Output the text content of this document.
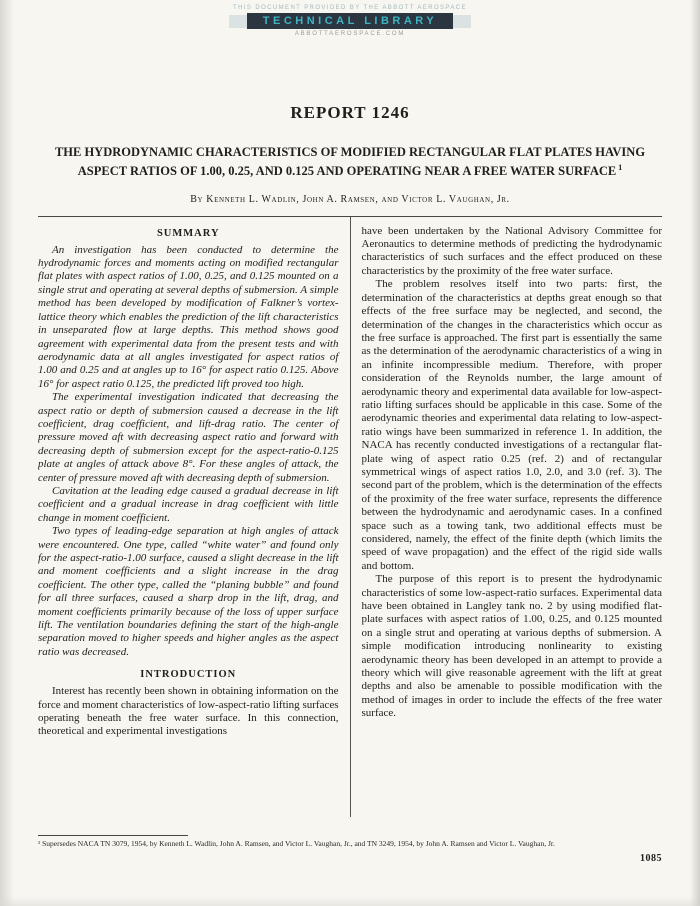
THIS DOCUMENT PROVIDED BY THE ABBOTT AEROSPACE
TECHNICAL LIBRARY
ABBOTTAEROSPACE.COM
REPORT 1246
THE HYDRODYNAMIC CHARACTERISTICS OF MODIFIED RECTANGULAR FLAT PLATES HAVING ASPECT RATIOS OF 1.00, 0.25, AND 0.125 AND OPERATING NEAR A FREE WATER SURFACE $^1$
By Kenneth L. Wadlin, John A. Ramsen, and Victor L. Vaughan, Jr.
SUMMARY

An investigation has been conducted to determine the hydrodynamic forces and moments acting on modified rectangular flat plates with aspect ratios of 1.00, 0.25, and 0.125 mounted on a single strut and operating at several depths of submersion. A simple method has been developed by modification of Falkner’s vortex-lattice theory which enables the prediction of the lift characteristics in unseparated flow at large depths. This method shows good agreement with experimental data from the present tests and with aerodynamic data at all angles investigated for aspect ratios of 1.00 and 0.25 and at angles up to 16° for aspect ratio 0.125. Above 16° for aspect ratio 0.125, the predicted lift proved too high.

The experimental investigation indicated that decreasing the aspect ratio or depth of submersion caused a decrease in the lift coefficient, drag coefficient, and lift-drag ratio. The center of pressure moved aft with decreasing aspect ratio and forward with decreasing depth of submersion except for the aspect-ratio-0.125 plate at angles of attack above 8°. For these angles of attack, the center of pressure moved aft with decreasing depth of submersion.

Cavitation at the leading edge caused a gradual decrease in lift coefficient and a gradual increase in drag coefficient with little change in moment coefficient.

Two types of leading-edge separation at high angles of attack were encountered. One type, called “white water” and found only for the aspect-ratio-1.00 surface, caused a slight decrease in the lift and moment coefficients and a slight increase in the drag coefficient. The other type, called the “planing bubble” and found for all three surfaces, caused a sharp drop in the lift, drag, and moment coefficients primarily because of the loss of upper surface lift. The ventilation boundaries defining the start of the high-angle separation moved to higher speeds and higher angles as the aspect ratio was decreased.

INTRODUCTION

Interest has recently been shown in obtaining information on the force and moment characteristics of low-aspect-ratio lifting surfaces operating beneath the free water surface. In this connection, theoretical and experimental investigations

have been undertaken by the National Advisory Committee for Aeronautics to determine methods of predicting the hydrodynamic characteristics of such surfaces and the effect produced on these characteristics by the proximity of the free water surface.

The problem resolves itself into two parts: first, the determination of the characteristics at depths great enough so that effects of the free surface may be neglected, and second, the determination of the changes in the characteristics which occur as the free surface is approached. The first part is essentially the same as the determination of the aerodynamic characteristics of a wing in an infinite incompressible medium. Therefore, with proper consideration of the Reynolds number, the large amount of aerodynamic theory and experimental data available for low-aspect-ratio lifting surfaces should be applicable in this case. Some of the aerodynamic theories and experimental data relating to low-aspect-ratio wings have been summarized in reference 1. In addition, the NACA has recently conducted investigations of a rectangular flat-plate wing of aspect ratio 0.25 (ref. 2) and of rectangular symmetrical wings of aspect ratios 1.0, 2.0, and 3.0 (ref. 3). The second part of the problem, which is the determination of the effects of the proximity of the free water surface, represents the difference between the hydrodynamic and aerodynamic cases. In a confined space such as a towing tank, two additional effects must be considered, namely, the effect of the finite depth (which limits the speed of wave propagation) and the effect of the rigid side walls and bottom.

The purpose of this report is to present the hydrodynamic characteristics of some low-aspect-ratio surfaces. Experimental data have been obtained in Langley tank no. 2 by using modified flat-plate surfaces with aspect ratios of 1.00, 0.25, and 0.125 mounted on a single strut and operating at various depths of submersion. A simple modification introducing nonlinearity to existing aerodynamic theory has been developed in an attempt to provide a theory which will give reasonable agreement with the lift at great depths and also be amenable to possible modification with the method of images in order to include the effects of the free water surface.

¹ Supersedes NACA TN 3079, 1954, by Kenneth L. Wadlin, John A. Ramsen, and Victor L. Vaughan, Jr., and TN 3249, 1954, by John A. Ramsen and Victor L. Vaughan, Jr.
1085
